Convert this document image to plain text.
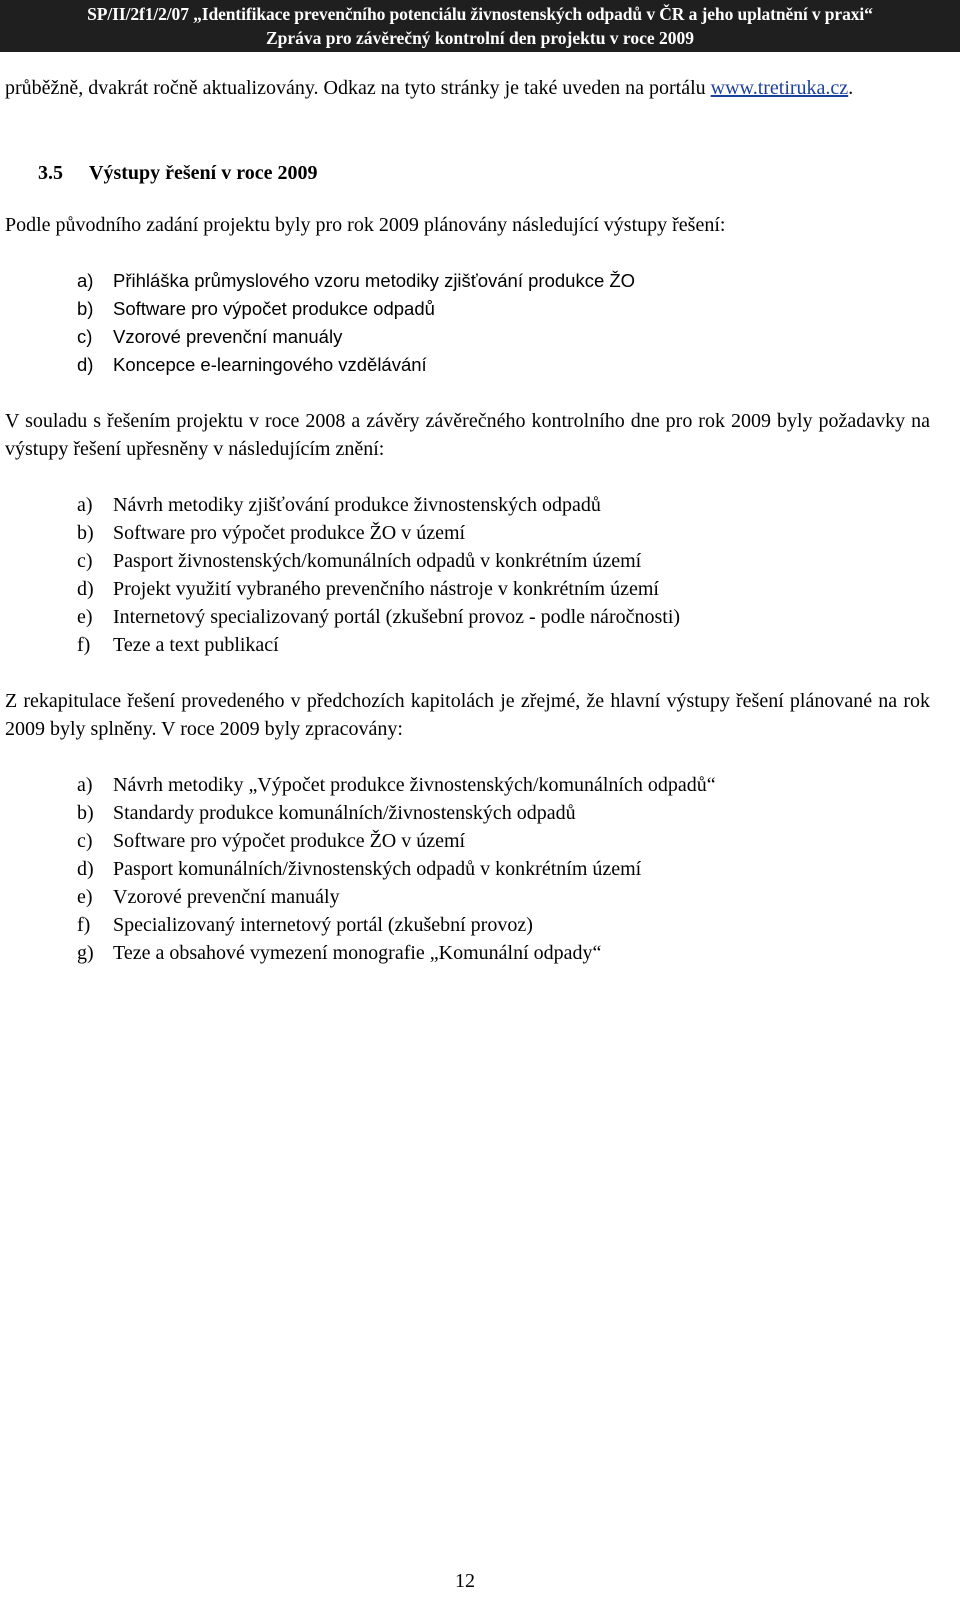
SP/II/2f1/2/07 „Identifikace prevenčního potenciálu živnostenských odpadů v ČR a jeho uplatnění v praxi“
Zpráva pro závěrečný kontrolní den projektu v roce 2009

průběžně, dvakrát ročně aktualizovány. Odkaz na tyto stránky je také uveden na portálu www.tretiruka.cz.

3.5 Výstupy řešení v roce 2009

Podle původního zadání projektu byly pro rok 2009 plánovány následující výstupy řešení:

a)	Přihláška průmyslového vzoru metodiky zjišťování produkce ŽO
b)	Software pro výpočet produkce odpadů
c)	Vzorové prevenční manuály
d)	Koncepce e-learningového vzdělávání

V souladu s řešením projektu v roce 2008 a závěry závěrečného kontrolního dne pro rok 2009 byly požadavky na výstupy řešení upřesněny v následujícím znění:

a)	Návrh metodiky zjišťování produkce živnostenských odpadů
b) Software pro výpočet produkce ŽO v území
c)	Pasport živnostenských/komunálních odpadů v konkrétním území
d) Projekt využití vybraného prevenčního nástroje v konkrétním území
e)	Internetový specializovaný portál (zkušební provoz - podle náročnosti)
f)	Teze a text publikací

Z rekapitulace řešení provedeného v předchozích kapitolách je zřejmé, že hlavní výstupy řešení plánované na rok 2009 byly splněny. V roce 2009 byly zpracovány:

a)	Návrh metodiky „Výpočet produkce živnostenských/komunálních odpadů“
b) Standardy produkce komunálních/živnostenských odpadů
c)	Software pro výpočet produkce ŽO v území
d) Pasport komunálních/živnostenských odpadů v konkrétním území
e)	Vzorové prevenční manuály
f)	Specializovaný internetový portál (zkušební provoz)
g) Teze a obsahové vymezení monografie „Komunální odpady“
12
